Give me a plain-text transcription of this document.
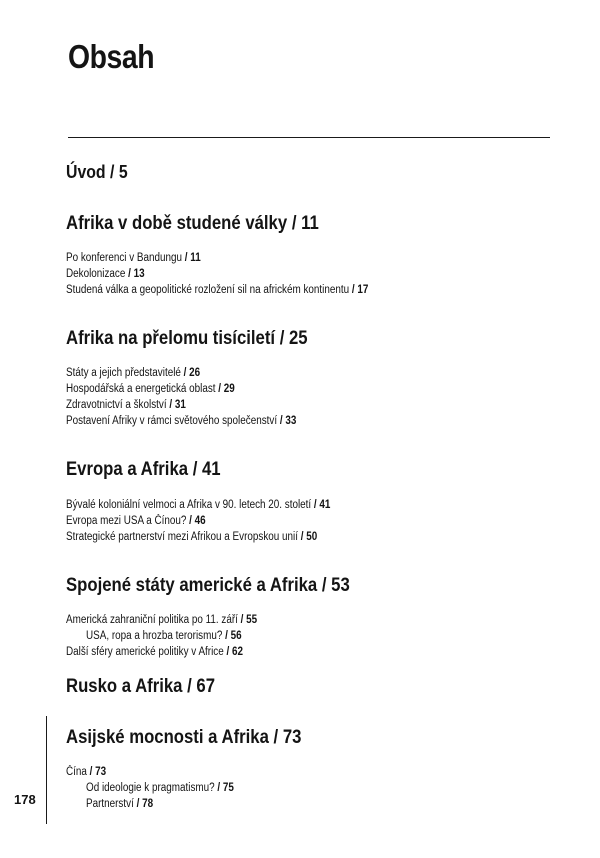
Obsah
Úvod / 5
Afrika v době studené války / 11
Po konferenci v Bandungu / 11
Dekolonizace / 13
Studená válka a geopolitické rozložení sil na africkém kontinentu / 17
Afrika na přelomu tisíciletí / 25
Státy a jejich představitelé / 26
Hospodářská a energetická oblast / 29
Zdravotnictví a školství / 31
Postavení Afriky v rámci světového společenství / 33
Evropa a Afrika / 41
Bývalé koloniální velmoci a Afrika v 90. letech 20. století / 41
Evropa mezi USA a Čínou? / 46
Strategické partnerství mezi Afrikou a Evropskou unií / 50
Spojené státy americké a Afrika / 53
Americká zahraniční politika po 11. září / 55
USA, ropa a hrozba terorismu? / 56
Další sféry americké politiky v Africe / 62
Rusko a Afrika / 67
Asijské mocnosti a Afrika / 73
Čína / 73
Od ideologie k pragmatismu? / 75
Partnerství / 78
178
